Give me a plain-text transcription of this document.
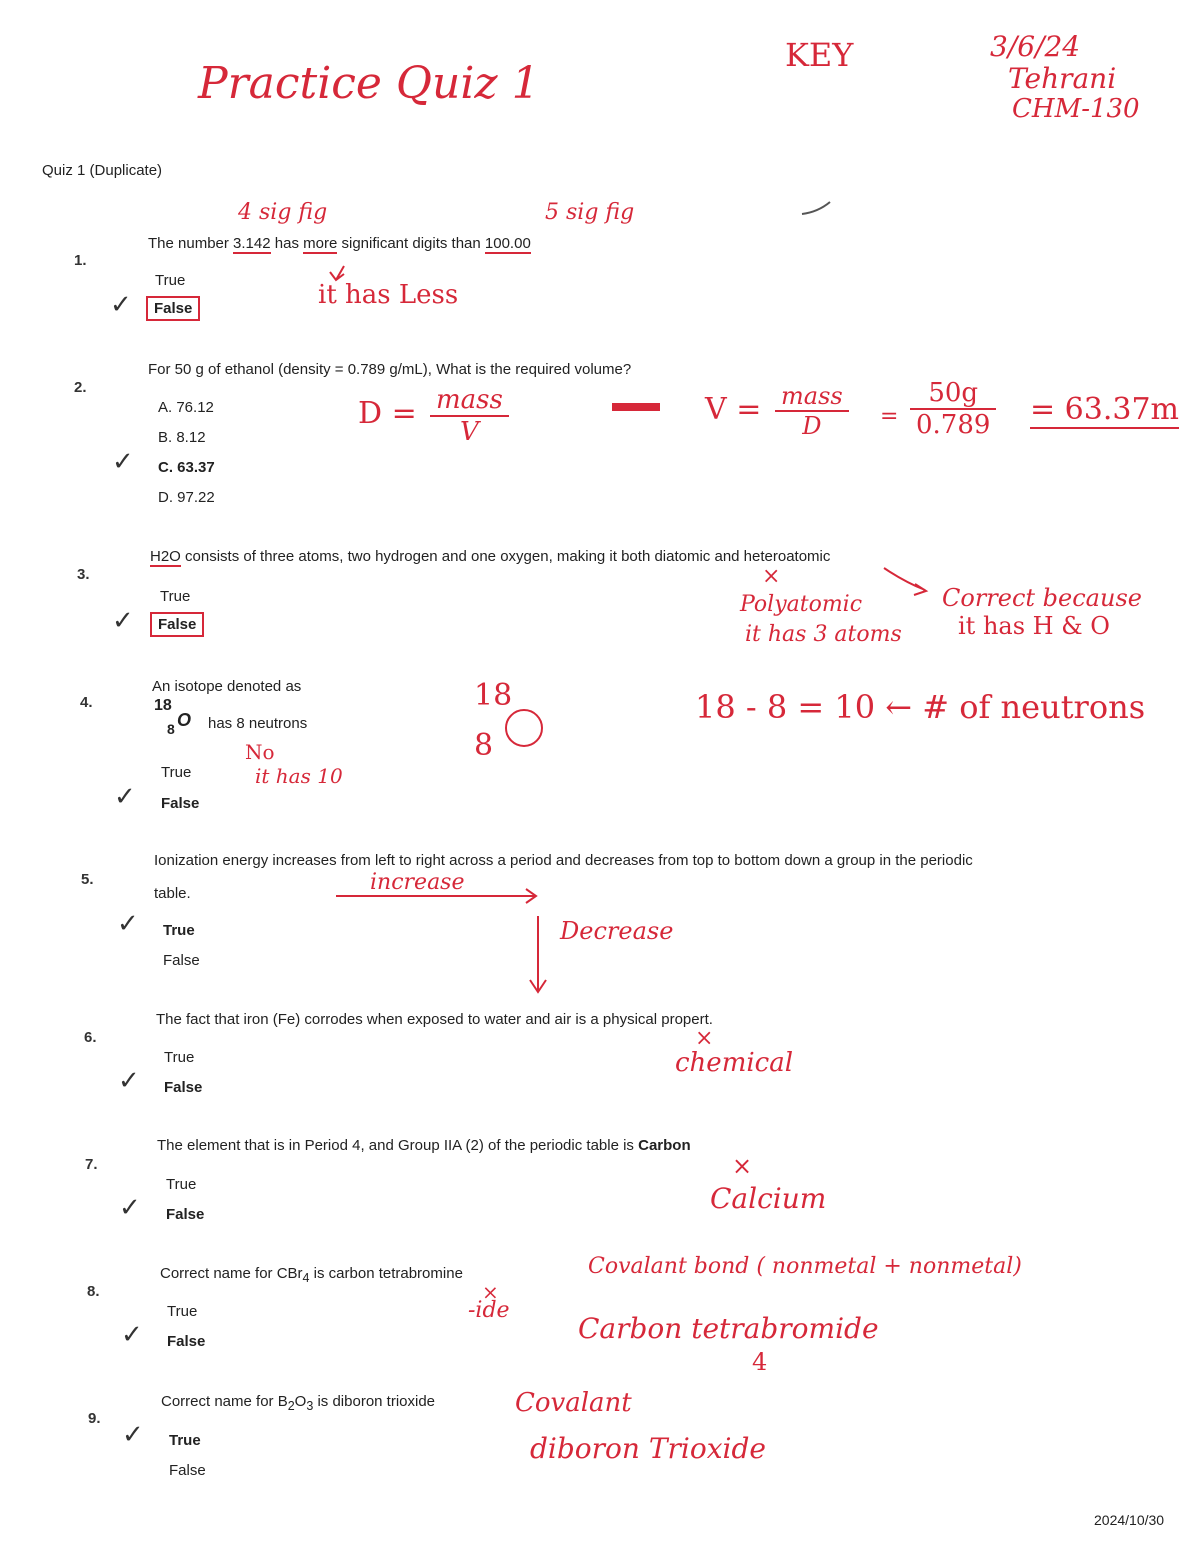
Practice Quiz 1
KEY	3/6/24
Tehrani
CHM-130
Quiz 1 (Duplicate)
4 sig fig	5 sig fig
1.
The number 3.142 has more significant digits than 100.00
it has Less
True
✓	False
2.
For 50 g of ethanol (density = 0.789 g/mL), What is the required volume?
A. 76.12
B. 8.12
✓ C. 63.37
D. 97.22
D = mass
V
V = mass
D	= $\frac{50g}{0.789} = 63.37m$
3.
H2O consists of three atoms, two hydrogen and one oxygen, making it both diatomic and heteroatomic
×
True
✓	False
Polyatomic
it has 3 atoms
Correct because
it has H & O
4.
An isotope denoted as
18
8 O has 8 neutrons
No
it has 10
True
✓ False
18
8
18 - 8 = 10 ← # of neutrons
5.
Ionization energy increases from left to right across a period and decreases from top to bottom down a group in the periodic
table.	increase
✓ True
False
Decrease
6.
The fact that iron (Fe) corrodes when exposed to water and air is a physical propert.
×
chemical
True
✓ False
7.
The element that is in Period 4, and Group IIA (2) of the periodic table is Carbon
×
Calcium
True
✓ False
8.
Correct name for CBr$_4$ is carbon tetrabromine
×
-ide
Covalant bond ( nonmetal + nonmetal)
Carbon tetrabromide
4
True
✓ False
9.
Correct name for $B_2O_3$ is diboron trioxide	Covalant
diboron Trioxide
✓ True
False
2024/10/30
